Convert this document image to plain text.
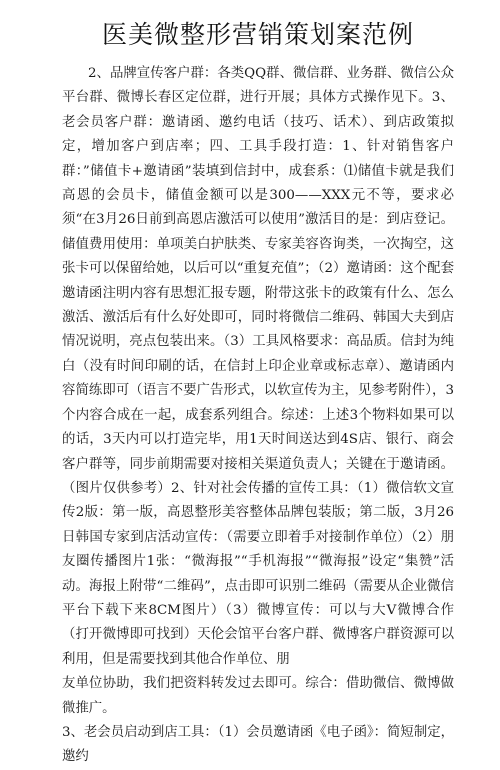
医美微整形营销策划案范例

2、品牌宣传客户群：各类QQ群、微信群、业务群、微信公众平台群、微博长春区定位群，进行开展；具体方式操作见下。3、老会员客户群：邀请函、邀约电话（技巧、话术）、到店政策拟定，增加客户到店率；四、工具手段打造：1、针对销售客户群：”储值卡+邀请函”装填到信封中，成套系：⑴储值卡就是我们高恩的会员卡，储值金额可以是300——XXX元不等，要求必须“在3月26日前到高恩店激活可以使用”激活目的是：到店登记。储值费用使用：单项美白护肤类、专家美容咨询类，一次掏空，这张卡可以保留给她，以后可以“重复充值”；（2）邀请函：这个配套邀请函注明内容有思想汇报专题，附带这张卡的政策有什么、怎么激活、激活后有什么好处即可，同时将微信二维码、韩国大夫到店情况说明，亮点包装出来。（3）工具风格要求：高品质。信封为纯白（没有时间印刷的话，在信封上印企业章或标志章）、邀请函内容简练即可（语言不要广告形式，以软宣传为主，见参考附件），3个内容合成在一起，成套系列组合。综述：上述3个物料如果可以的话，3天内可以打造完毕，用1天时间送达到4S店、银行、商会客户群等，同步前期需要对接相关渠道负责人；关键在于邀请函。（图片仅供参考）2、针对社会传播的宣传工具：（1）微信软文宣传2版：第一版，高恩整形美容整体品牌包装版；第二版，3月26日韩国专家到店活动宣传：（需要立即着手对接制作单位）（2）朋友圈传播图片1张：“微海报”“手机海报”“微海报”设定“集赞”活动。海报上附带“二维码”，点击即可识别二维码（需要从企业微信平台下载下来8CM图片）（3）微博宣传：可以与大V微博合作（打开微博即可找到）天伦会馆平台客户群、微博客户群资源可以利用，但是需要找到其他合作单位、朋

友单位协助，我们把资料转发过去即可。综合：借助微信、微博做微推广。

3、老会员启动到店工具：（1）会员邀请函《电子函》：简短制定，邀约
